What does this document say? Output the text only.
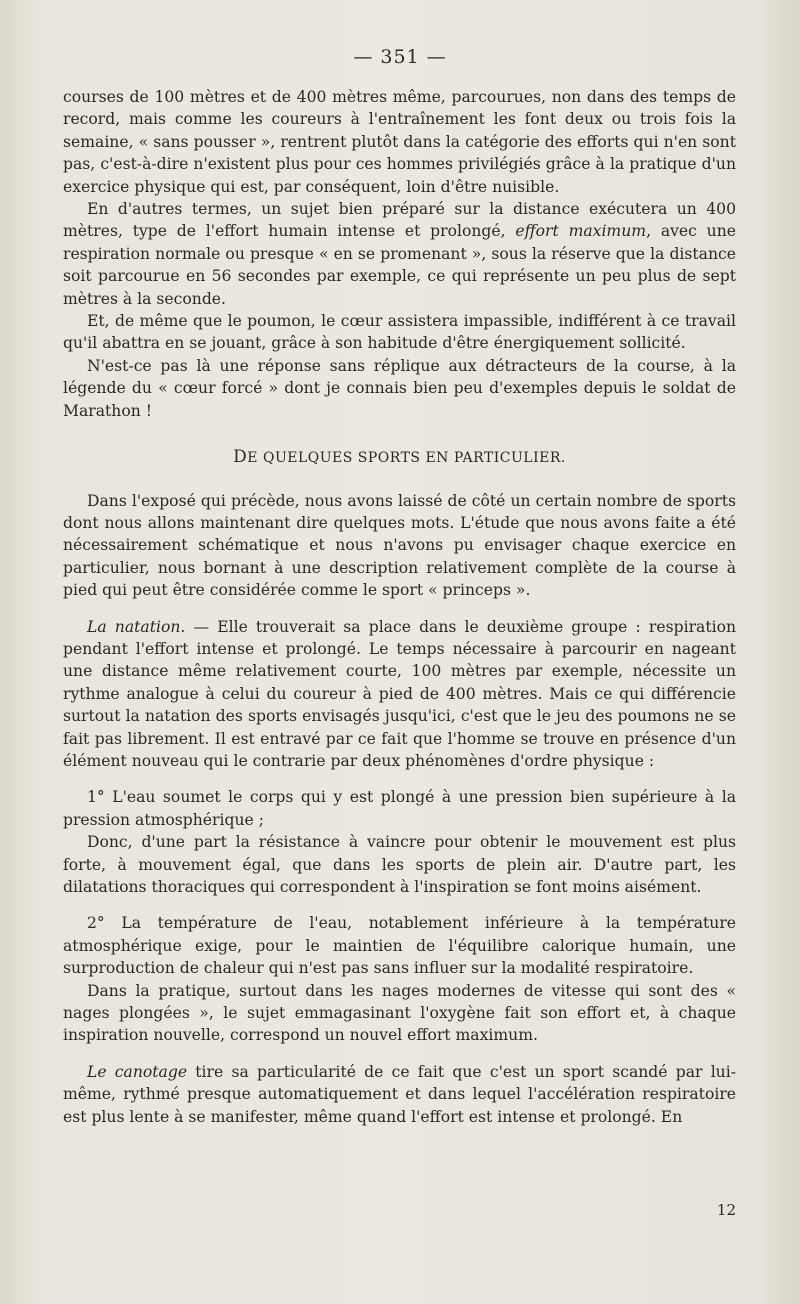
— 351 —

courses de 100 mètres et de 400 mètres même, parcourues, non dans des temps de record, mais comme les coureurs à l'entraînement les font deux ou trois fois la semaine, « sans pousser », rentrent plutôt dans la catégorie des efforts qui n'en sont pas, c'est-à-dire n'existent plus pour ces hommes privilégiés grâce à la pratique d'un exercice physique qui est, par conséquent, loin d'être nuisible.

En d'autres termes, un sujet bien préparé sur la distance exécutera un 400 mètres, type de l'effort humain intense et prolongé, effort maximum, avec une respiration normale ou presque « en se promenant », sous la réserve que la distance soit parcourue en 56 secondes par exemple, ce qui représente un peu plus de sept mètres à la seconde.

Et, de même que le poumon, le cœur assistera impassible, indifférent à ce travail qu'il abattra en se jouant, grâce à son habitude d'être énergiquement sollicité.

N'est-ce pas là une réponse sans réplique aux détracteurs de la course, à la légende du « cœur forcé » dont je connais bien peu d'exemples depuis le soldat de Marathon !

DE QUELQUES SPORTS EN PARTICULIER.

Dans l'exposé qui précède, nous avons laissé de côté un certain nombre de sports dont nous allons maintenant dire quelques mots. L'étude que nous avons faite a été nécessairement schématique et nous n'avons pu envisager chaque exercice en particulier, nous bornant à une description relativement complète de la course à pied qui peut être considérée comme le sport « princeps ».

La natation. — Elle trouverait sa place dans le deuxième groupe : respiration pendant l'effort intense et prolongé. Le temps nécessaire à parcourir en nageant une distance même relativement courte, 100 mètres par exemple, nécessite un rythme analogue à celui du coureur à pied de 400 mètres. Mais ce qui différencie surtout la natation des sports envisagés jusqu'ici, c'est que le jeu des poumons ne se fait pas librement. Il est entravé par ce fait que l'homme se trouve en présence d'un élément nouveau qui le contrarie par deux phénomènes d'ordre physique :

1° L'eau soumet le corps qui y est plongé à une pression bien supérieure à la pression atmosphérique ;

Donc, d'une part la résistance à vaincre pour obtenir le mouvement est plus forte, à mouvement égal, que dans les sports de plein air. D'autre part, les dilatations thoraciques qui correspondent à l'inspiration se font moins aisément.

2° La température de l'eau, notablement inférieure à la température atmosphérique exige, pour le maintien de l'équilibre calorique humain, une surproduction de chaleur qui n'est pas sans influer sur la modalité respiratoire.

Dans la pratique, surtout dans les nages modernes de vitesse qui sont des « nages plongées », le sujet emmagasinant l'oxygène fait son effort et, à chaque inspiration nouvelle, correspond un nouvel effort maximum.

Le canotage tire sa particularité de ce fait que c'est un sport scandé par lui-même, rythmé presque automatiquement et dans lequel l'accélération respiratoire est plus lente à se manifester, même quand l'effort est intense et prolongé. En

12
